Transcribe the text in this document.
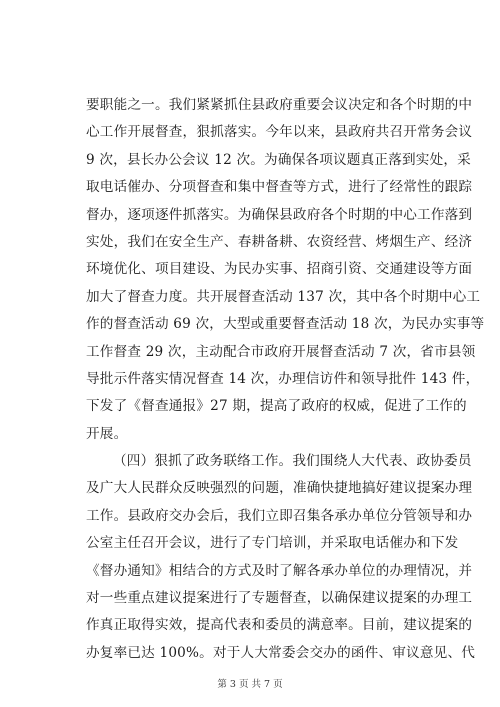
要职能之一。我们紧紧抓住县政府重要会议决定和各个时期的中
心工作开展督查，狠抓落实。今年以来，县政府共召开常务会议
9 次，县长办公会议 12 次。为确保各项议题真正落到实处，采
取电话催办、分项督查和集中督查等方式，进行了经常性的跟踪
督办，逐项逐件抓落实。为确保县政府各个时期的中心工作落到
实处，我们在安全生产、春耕备耕、农资经营、烤烟生产、经济
环境优化、项目建设、为民办实事、招商引资、交通建设等方面
加大了督查力度。共开展督查活动 137 次，其中各个时期中心工
作的督查活动 69 次，大型或重要督查活动 18 次，为民办实事等
工作督查 29 次，主动配合市政府开展督查活动 7 次，省市县领
导批示件落实情况督查 14 次，办理信访件和领导批件 143 件，
下发了《督查通报》27 期，提高了政府的权威，促进了工作的
开展。
（四）狠抓了政务联络工作。我们围绕人大代表、政协委员
及广大人民群众反映强烈的问题，准确快捷地搞好建议提案办理
工作。县政府交办会后，我们立即召集各承办单位分管领导和办
公室主任召开会议，进行了专门培训，并采取电话催办和下发
《督办通知》相结合的方式及时了解各承办单位的办理情况，并
对一些重点建议提案进行了专题督查，以确保建议提案的办理工
作真正取得实效，提高代表和委员的满意率。目前，建议提案的
办复率已达 100%。对于人大常委会交办的函件、审议意见、代
第 3 页 共 7 页
